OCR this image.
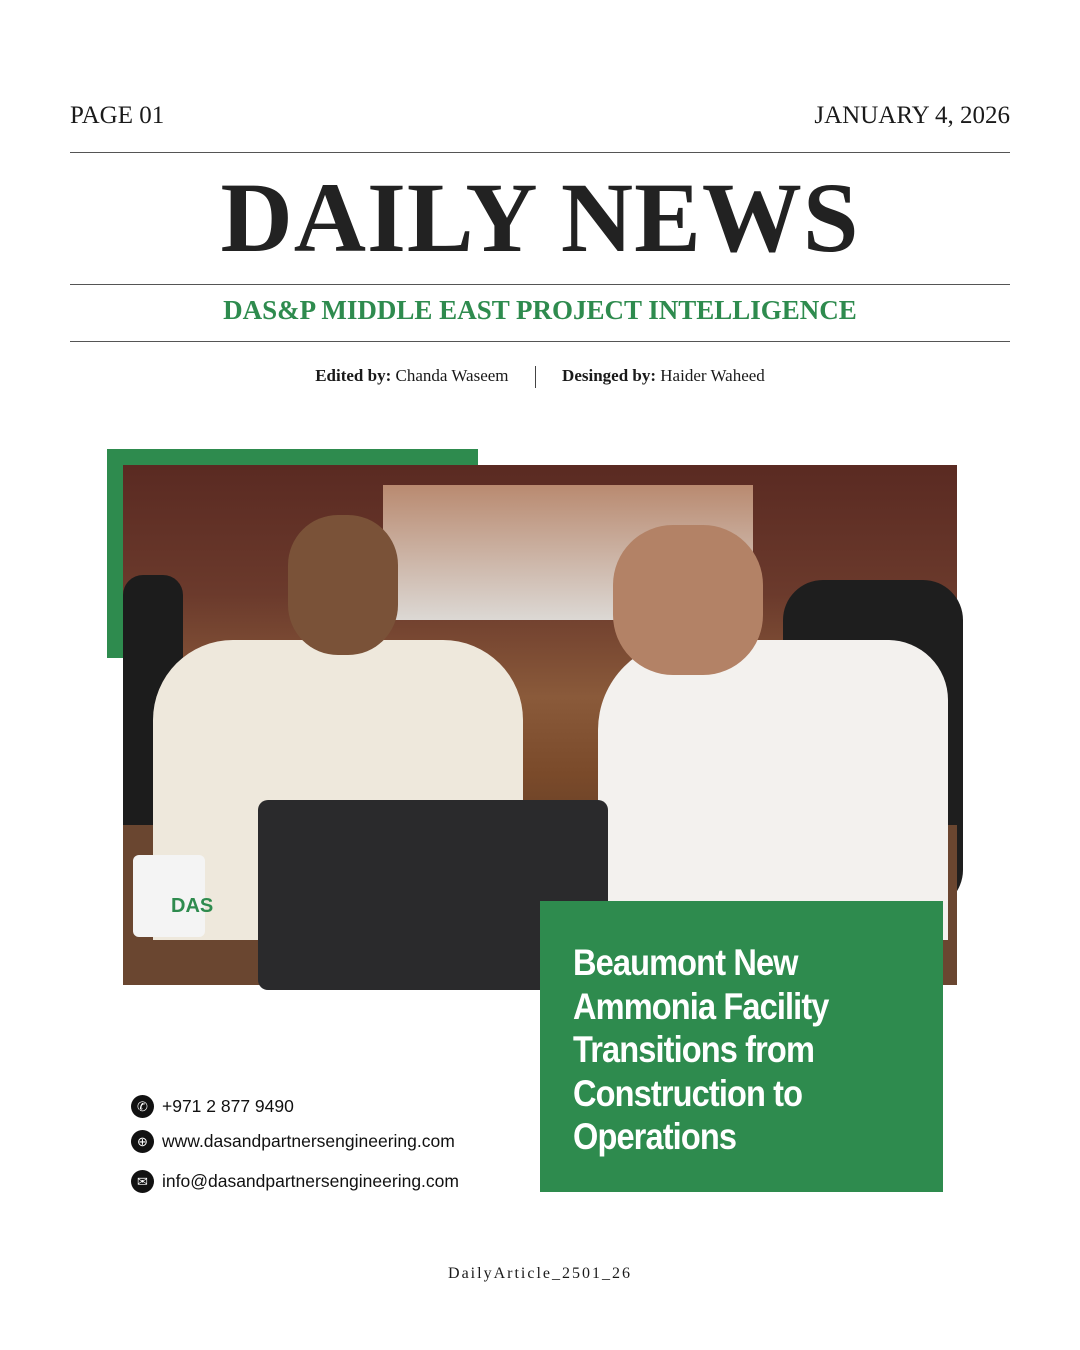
PAGE 01	JANUARY 4, 2026
DAILY NEWS
DAS&P MIDDLE EAST PROJECT INTELLIGENCE
Edited by: Chanda Waseem	Desinged by: Haider Waheed
DAS
Beaumont New Ammonia Facility Transitions from Construction to Operations
✆ +971 2 877 9490
⊕ www.dasandpartnersengineering.com
✉ info@dasandpartnersengineering.com
DailyArticle_2501_26
